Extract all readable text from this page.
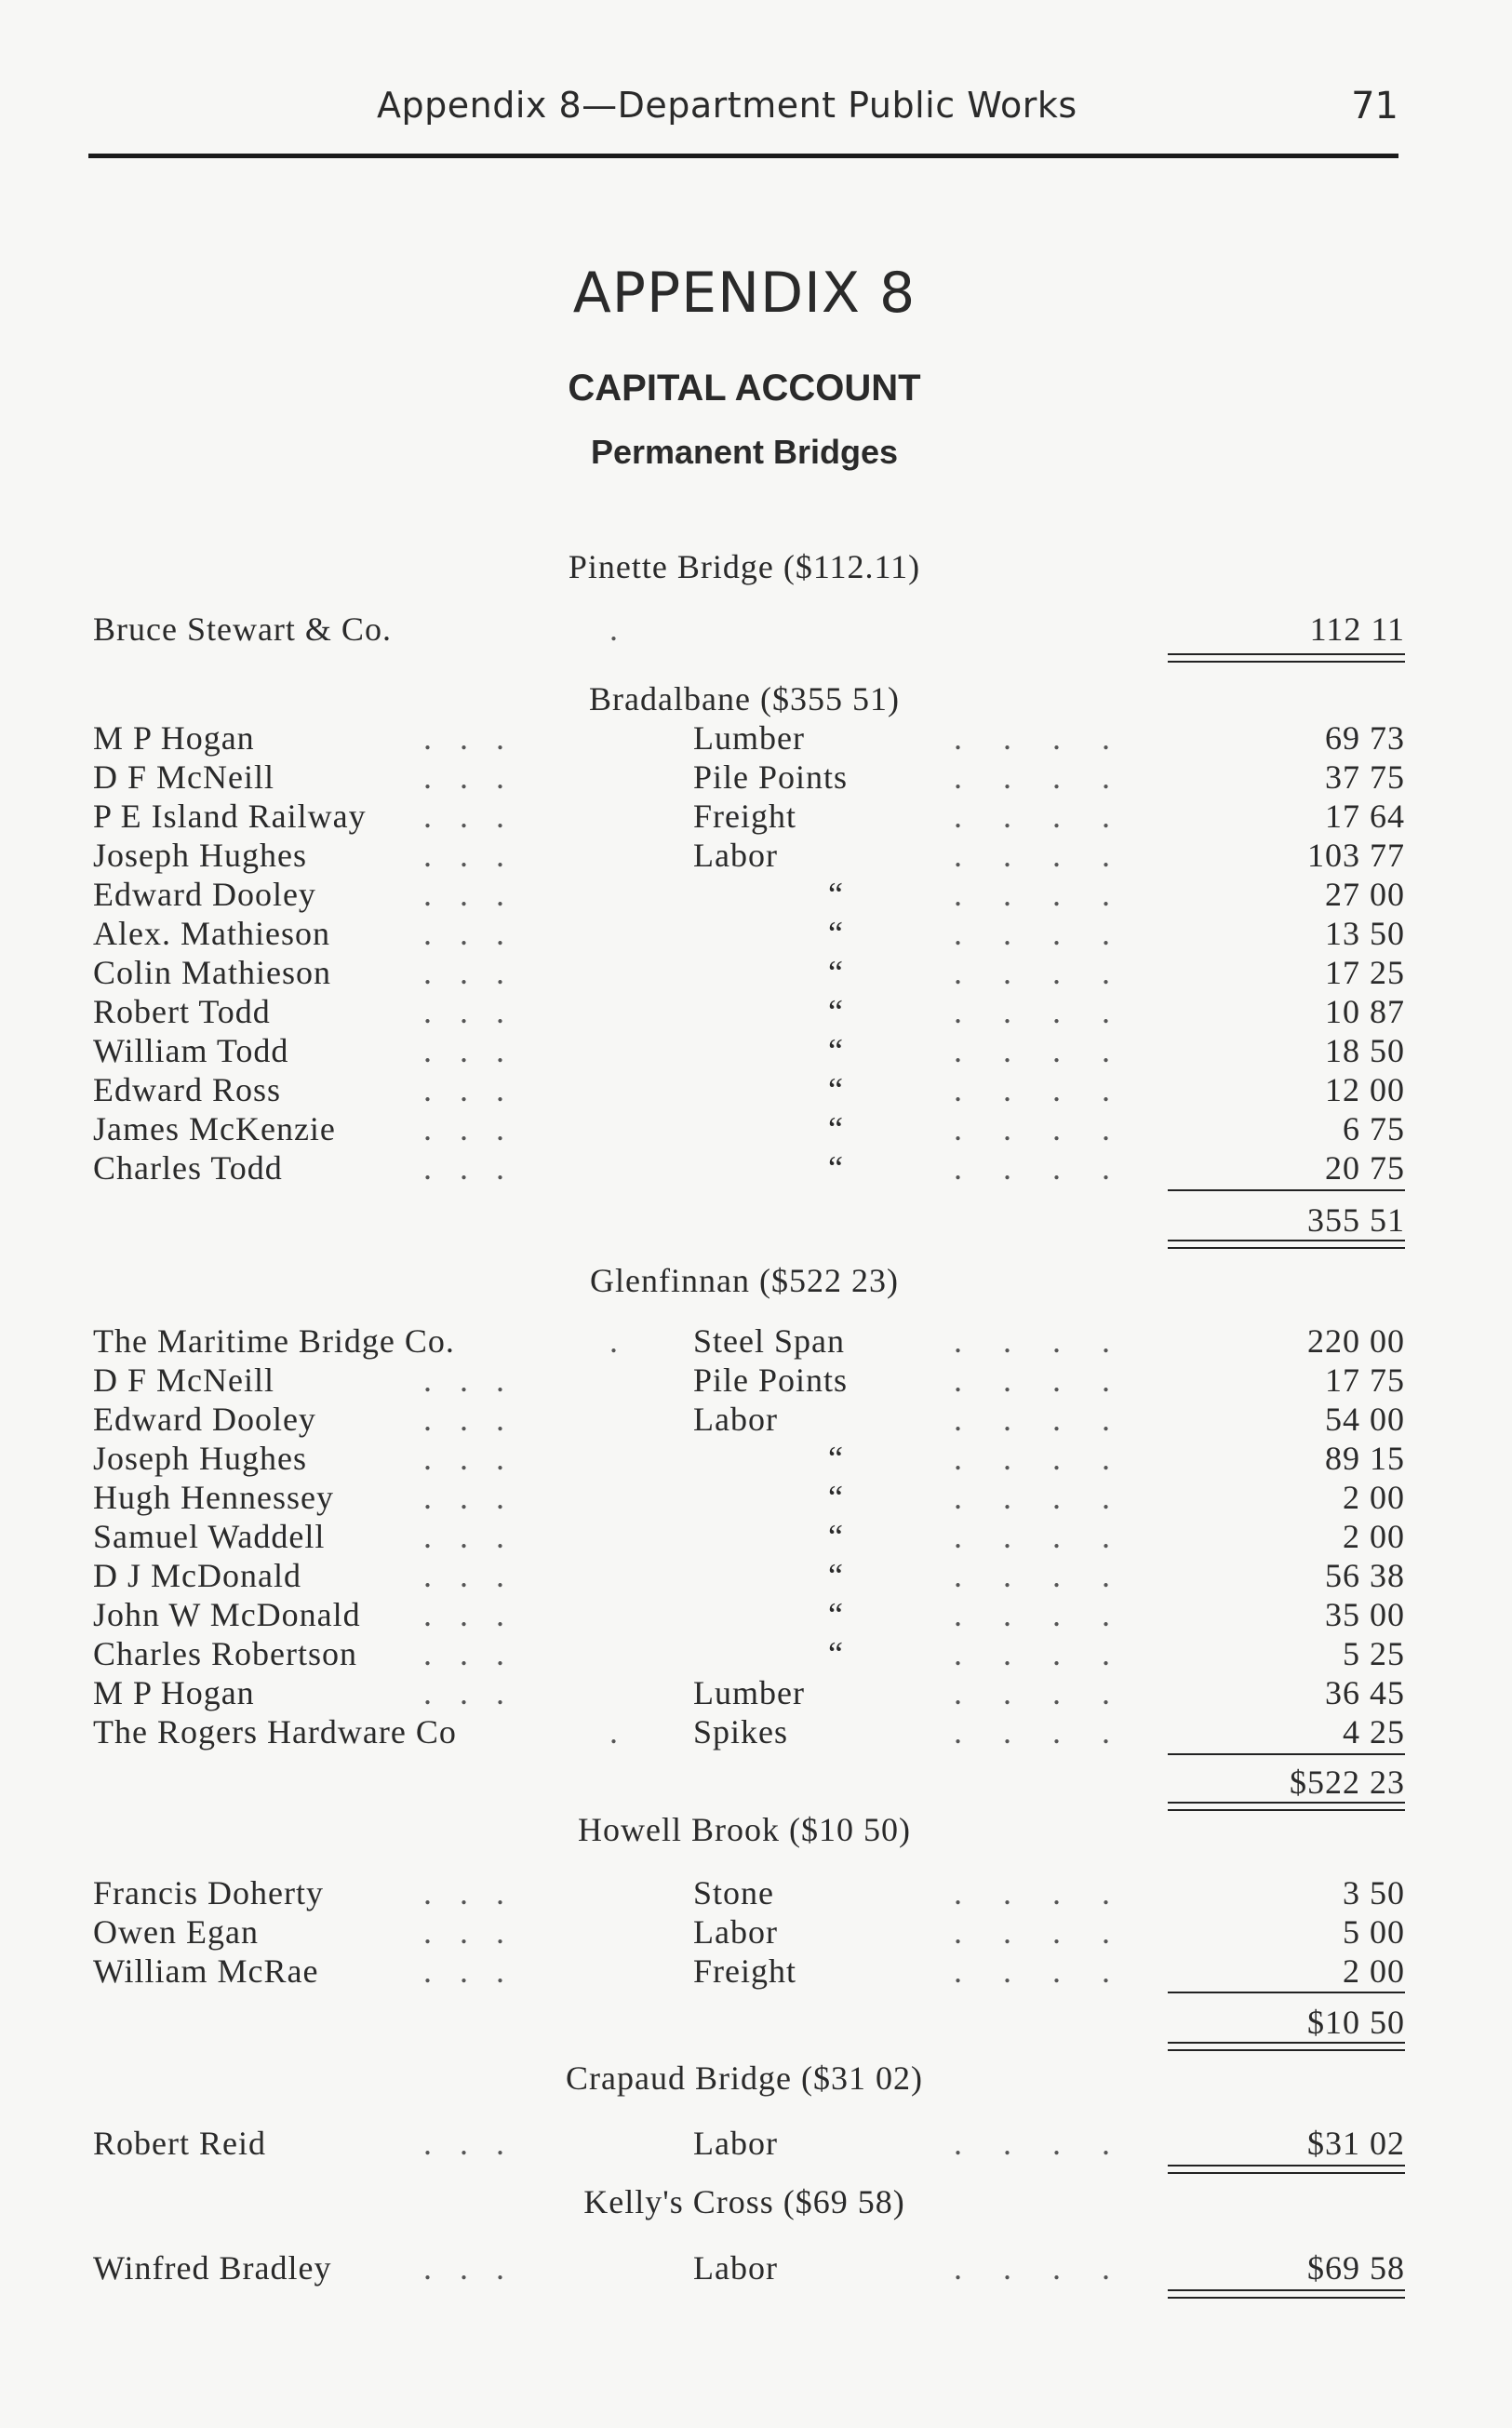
Appendix 8—Department Public Works	71
APPENDIX 8
CAPITAL ACCOUNT
Permanent Bridges
Pinette Bridge ($112.11)
Bruce Stewart & Co.	.	112 11
Bradalbane ($355 51)
M P Hogan	...	Lumber	....	69 73
D F McNeill	...	Pile Points	....	37 75
P E Island Railway ...	Freight	....	17 64
Joseph Hughes	...	Labor	....	103 77
Edward Dooley	...	“	....	27 00
Alex. Mathieson	...	“	....	13 50
Colin Mathieson	...	“	....	17 25
Robert Todd	...	“	....	10 87
William Todd	...	“	....	18 50
Edward Ross	...	“	....	12 00
James McKenzie	...	“	....	6 75
Charles Todd	...	“	....	20 75
355 51
Glenfinnan ($522 23)
The Maritime Bridge Co.	. Steel Span	....	220 00
D F McNeill	...	Pile Points	....	17 75
Edward Dooley	...	Labor	....	54 00
Joseph Hughes	...	“	....	89 15
Hugh Hennessey	...	“	....	2 00
Samuel Waddell	...	“	....	2 00
D J McDonald	...	“	....	56 38
John W McDonald ...	“	....	35 00
Charles Robertson ...	“	....	5 25
M P Hogan	...	Lumber	....	36 45
The Rogers Hardware Co	. Spikes	....	4 25
$522 23
Howell Brook ($10 50)
Francis Doherty	...	Stone	....	3 50
Owen Egan	...	Labor	....	5 00
William McRae	...	Freight	....	2 00
$10 50
Crapaud Bridge ($31 02)
Robert Reid	...	Labor	....	$31 02
Kelly's Cross ($69 58)
Winfred Bradley	...	Labor	....	$69 58
